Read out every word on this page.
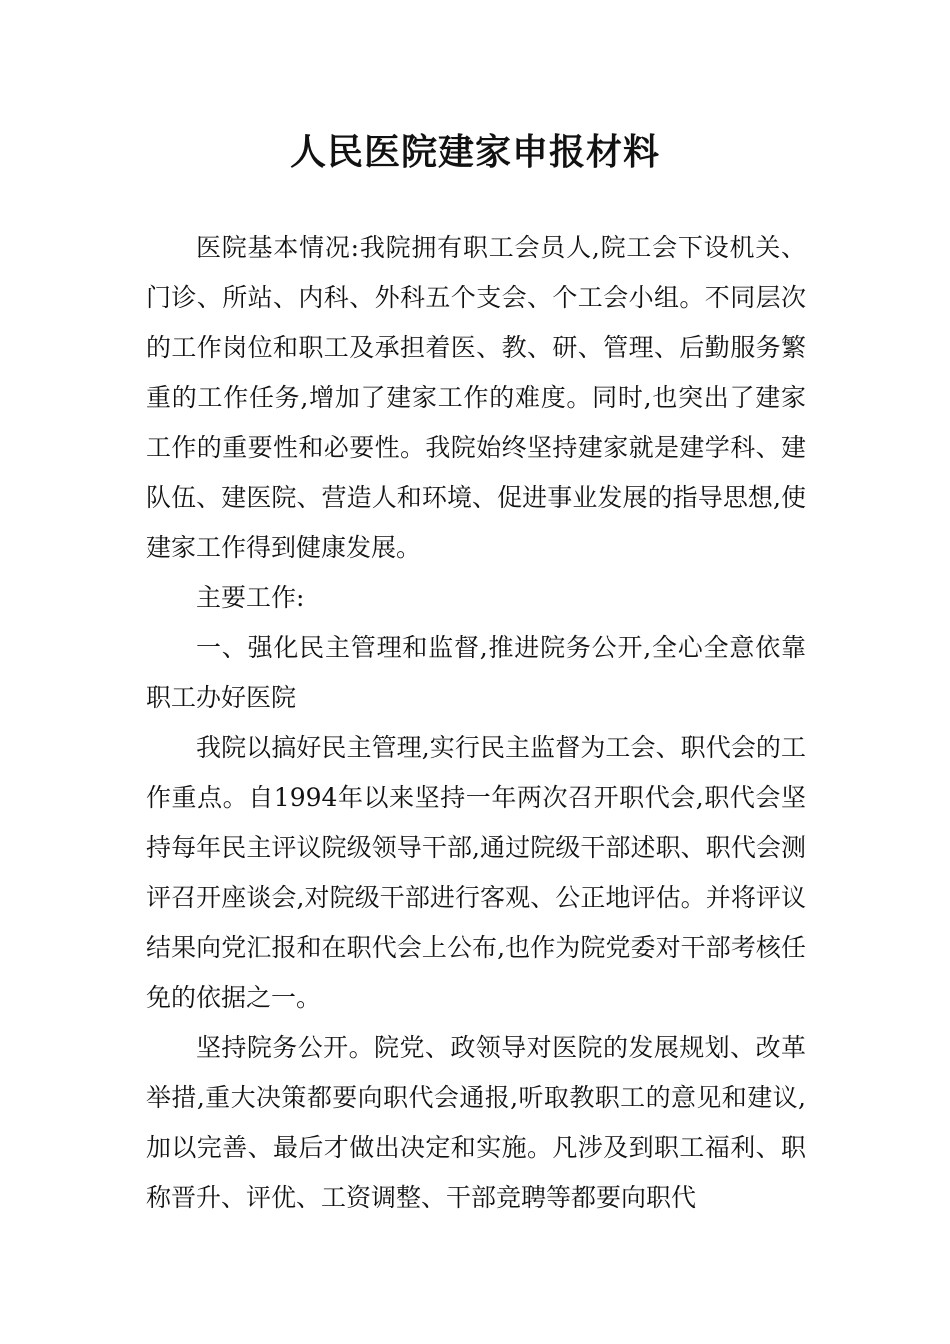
人民医院建家申报材料

医院基本情况:我院拥有职工会员人,院工会下设机关、门诊、所站、内科、外科五个支会、个工会小组。不同层次的工作岗位和职工及承担着医、教、研、管理、后勤服务繁重的工作任务,增加了建家工作的难度。同时,也突出了建家工作的重要性和必要性。我院始终坚持建家就是建学科、建队伍、建医院、营造人和环境、促进事业发展的指导思想,使建家工作得到健康发展。

主要工作:

一、强化民主管理和监督,推进院务公开,全心全意依靠职工办好医院

我院以搞好民主管理,实行民主监督为工会、职代会的工作重点。自1994年以来坚持一年两次召开职代会,职代会坚持每年民主评议院级领导干部,通过院级干部述职、职代会测评召开座谈会,对院级干部进行客观、公正地评估。并将评议结果向党汇报和在职代会上公布,也作为院党委对干部考核任免的依据之一。

坚持院务公开。院党、政领导对医院的发展规划、改革举措,重大决策都要向职代会通报,听取教职工的意见和建议,加以完善、最后才做出决定和实施。凡涉及到职工福利、职称晋升、评优、工资调整、干部竞聘等都要向职代
